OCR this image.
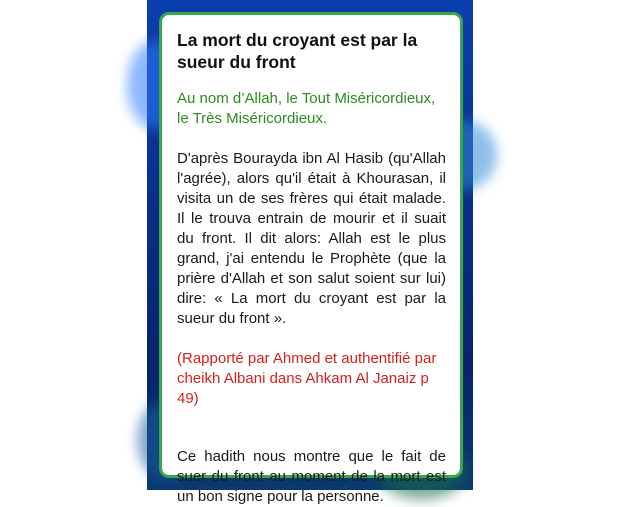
La mort du croyant est par la sueur du front
Au nom d’Allah, le Tout Miséricordieux, le Très Miséricordieux.
D'après Bourayda ibn Al Hasib (qu'Allah l'agrée), alors qu'il était à Khourasan, il visita un de ses frères qui était malade. Il le trouva entrain de mourir et il suait du front. Il dit alors: Allah est le plus grand, j'ai entendu le Prophète (que la prière d'Allah et son salut soient sur lui) dire: « La mort du croyant est par la sueur du front ».
(Rapporté par Ahmed et authentifié par cheikh Albani dans Ahkam Al Janaiz p 49)
Ce hadith nous montre que le fait de suer du front au moment de la mort est un bon signe pour la personne.
